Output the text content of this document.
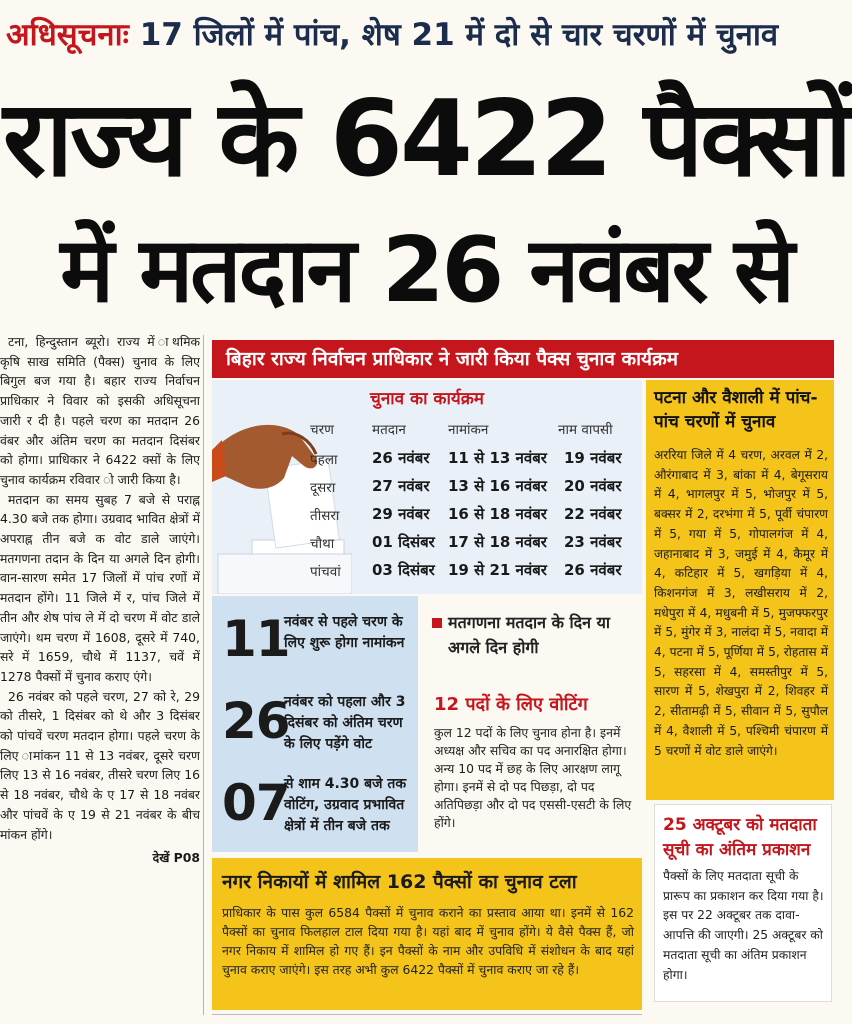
अधिसूचनाः 17 जिलों में पांच, शेष 21 में दो से चार चरणों में चुनाव
राज्य के 6422 पैक्सों
में मतदान 26 नवंबर से

टना, हिन्दुस्तान ब्यूरो। राज्य में ाथमिक कृषि साख समिति (पैक्स) चुनाव के लिए बिगुल बज गया है। बहार राज्य निर्वाचन प्राधिकार ने विवार को इसकी अधिसूचना जारी र दी है। पहले चरण का मतदान 26 वंबर और अंतिम चरण का मतदान दिसंबर को होगा। प्राधिकार ने 6422 क्सों के लिए चुनाव कार्यक्रम रविवार ो जारी किया है।

मतदान का समय सुबह 7 बजे से पराह्न 4.30 बजे तक होगा। उग्रवाद भावित क्षेत्रों में अपराह्न तीन बजे क वोट डाले जाएंगे। मतगणना तदान के दिन या अगले दिन होगी। वान-सारण समेत 17 जिलों में पांच रणों में मतदान होंगे। 11 जिले में र, पांच जिले में तीन और शेष पांच ले में दो चरण में वोट डाले जाएंगे। थम चरण में 1608, दूसरे में 740, सरे में 1659, चौथे में 1137, चवें में 1278 पैक्सों में चुनाव कराए एंगे।

26 नवंबर को पहले चरण, 27 को रे, 29 को तीसरे, 1 दिसंबर को थे और 3 दिसंबर को पांचवें चरण मतदान होगा। पहले चरण के लिए ामांकन 11 से 13 नवंबर, दूसरे चरण लिए 13 से 16 नवंबर, तीसरे चरण लिए 16 से 18 नवंबर, चौथे के ए 17 से 18 नवंबर और पांचवें के ए 19 से 21 नवंबर के बीच मांकन होंगे।

देखें P08
बिहार राज्य निर्वाचन प्राधिकार ने जारी किया पैक्स चुनाव कार्यक्रम
चुनाव का कार्यक्रम
चरण	मतदान	नामांकन	नाम वापसी
पहला 26 नवंबर 11 से 13 नवंबर 19 नवंबर
दूसरा 27 नवंबर 13 से 16 नवंबर 20 नवंबर
तीसरा 29 नवंबर 16 से 18 नवंबर 22 नवंबर
चौथा	01 दिसंबर 17 से 18 नवंबर 23 नवंबर
पांचवां 03 दिसंबर 19 से 21 नवंबर 26 नवंबर
पटना और वैशाली में पांच-पांच चरणों में चुनाव
अररिया जिले में 4 चरण, अरवल में 2, औरंगाबाद में 3, बांका में 4, बेगूसराय में 4, भागलपुर में 5, भोजपुर में 5, बक्सर में 2, दरभंगा में 5, पूर्वी चंपारण में 5, गया में 5, गोपालगंज में 4, जहानाबाद में 3, जमुई में 4, कैमूर में 4, कटिहार में 5, खगड़िया में 4, किशनगंज में 3, लखीसराय में 2, मधेपुरा में 4, मधुबनी में 5, मुजफ्फरपुर में 5, मुंगेर में 3, नालंदा में 5, नवादा में 4, पटना में 5, पूर्णिया में 5, रोहतास में 5, सहरसा में 4, समस्तीपुर में 5, सारण में 5, शेखपुरा में 2, शिवहर में 2, सीतामढ़ी में 5, सीवान में 5, सुपौल में 4, वैशाली में 5, पश्चिमी चंपारण में 5 चरणों में वोट डाले जाएंगे।
25 अक्टूबर को मतदाता सूची का अंतिम प्रकाशन
पैक्सों के लिए मतदाता सूची के प्रारूप का प्रकाशन कर दिया गया है। इस पर 22 अक्टूबर तक दावा-आपत्ति की जाएगी। 25 अक्टूबर को मतदाता सूची का अंतिम प्रकाशन होगा।
11
नवंबर से पहले चरण के लिए शुरू होगा नामांकन
26
नवंबर को पहला और 3 दिसंबर को अंतिम चरण के लिए पड़ेंगे वोट
07
से शाम 4.30 बजे तक वोटिंग, उग्रवाद प्रभावित क्षेत्रों में तीन बजे तक
मतगणना मतदान के दिन या अगले दिन होगी
12 पदों के लिए वोटिंग
कुल 12 पदों के लिए चुनाव होना है। इनमें अध्यक्ष और सचिव का पद अनारक्षित होगा। अन्य 10 पद में छह के लिए आरक्षण लागू होगा। इनमें से दो पद पिछड़ा, दो पद अतिपिछड़ा और दो पद एससी-एसटी के लिए होंगे।
नगर निकायों में शामिल 162 पैक्सों का चुनाव टला
प्राधिकार के पास कुल 6584 पैक्सों में चुनाव कराने का प्रस्ताव आया था। इनमें से 162 पैक्सों का चुनाव फिलहाल टाल दिया गया है। यहां बाद में चुनाव होंगे। ये वैसे पैक्स हैं, जो नगर निकाय में शामिल हो गए हैं। इन पैक्सों के नाम और उपविधि में संशोधन के बाद यहां चुनाव कराए जाएंगे। इस तरह अभी कुल 6422 पैक्सों में चुनाव कराए जा रहे हैं।
